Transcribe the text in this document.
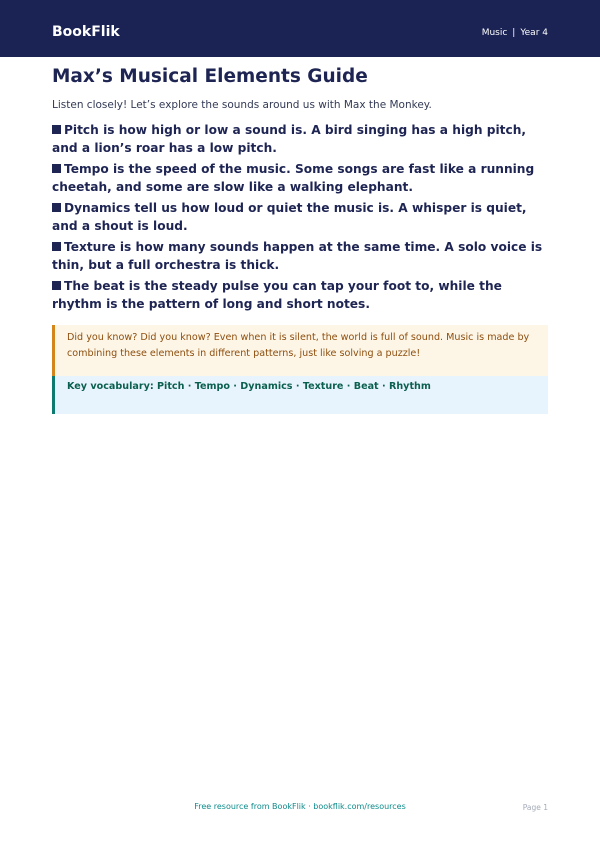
BookFlik	Music | Year 4
Max’s Musical Elements Guide

Listen closely! Let’s explore the sounds around us with Max the Monkey.

Pitch is how high or low a sound is. A bird singing has a high pitch, and a lion’s roar has a low pitch.
Tempo is the speed of the music. Some songs are fast like a running cheetah, and some are slow like a walking elephant.
Dynamics tell us how loud or quiet the music is. A whisper is quiet, and a shout is loud.
Texture is how many sounds happen at the same time. A solo voice is thin, but a full orchestra is thick.
The beat is the steady pulse you can tap your foot to, while the rhythm is the pattern of long and short notes.
Did you know? Did you know? Even when it is silent, the world is full of sound. Music is made by combining these elements in different patterns, just like solving a puzzle!
Key vocabulary: Pitch · Tempo · Dynamics · Texture · Beat · Rhythm
Free resource from BookFlik · bookflik.com/resources	Page 1
